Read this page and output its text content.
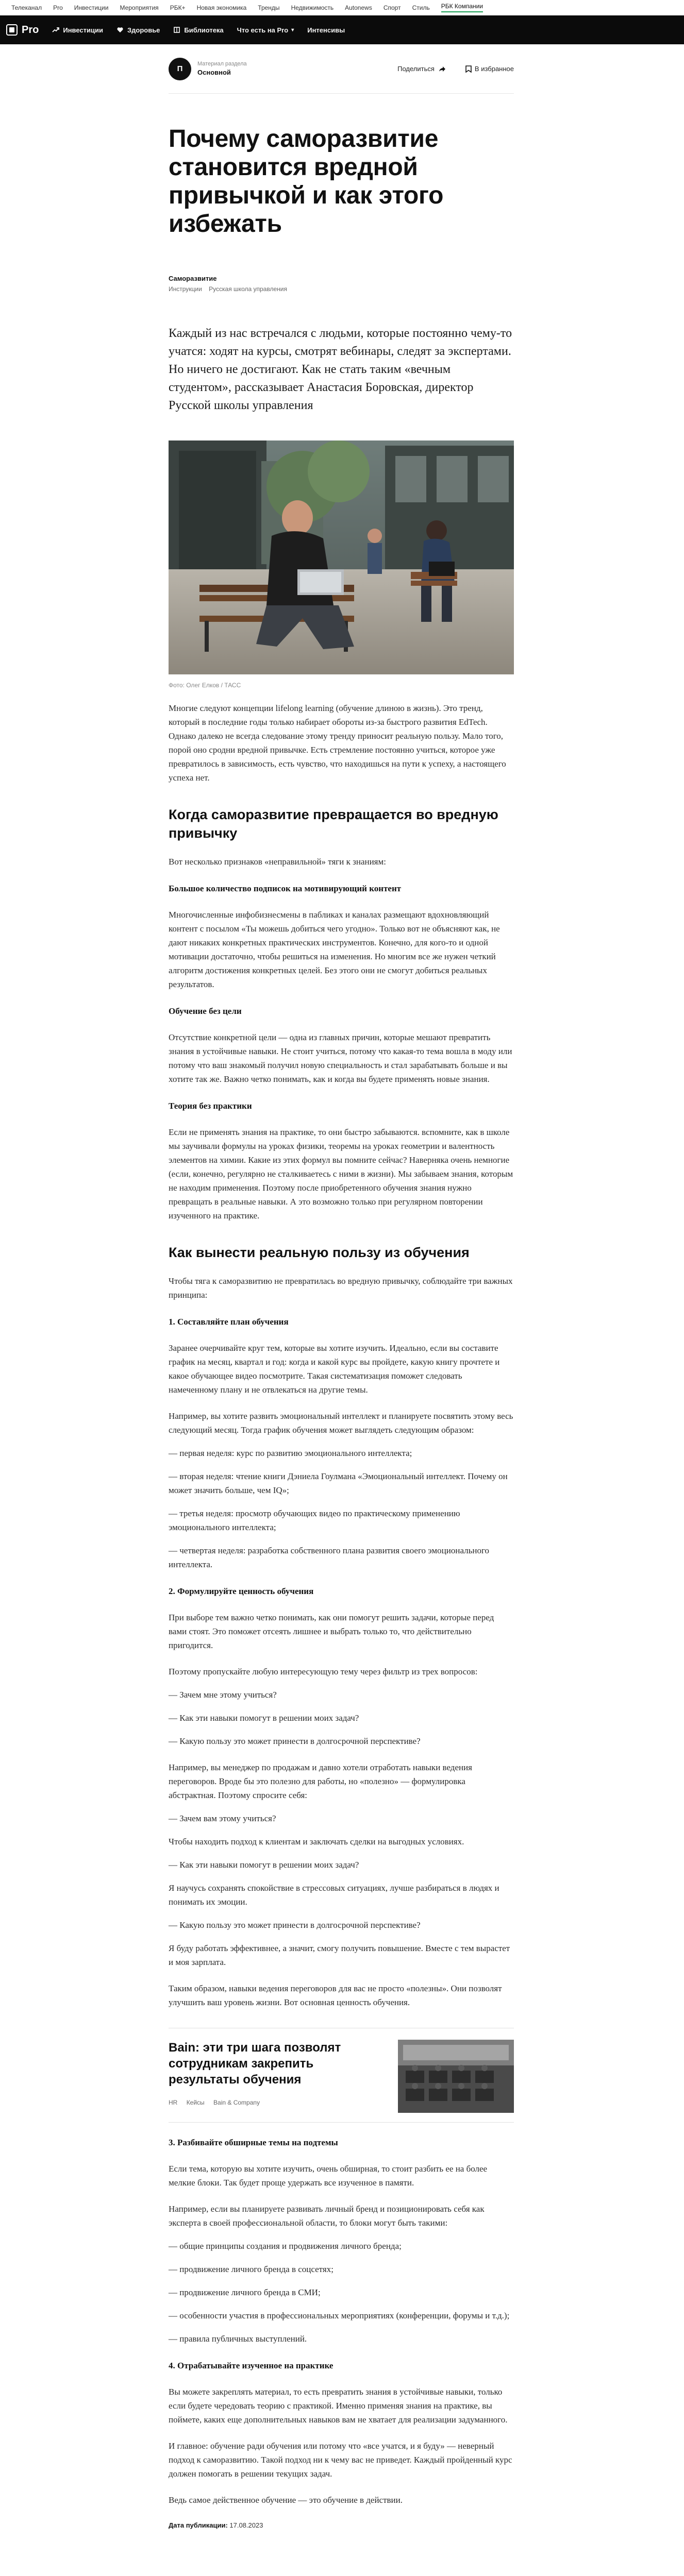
Телеканал Pro Инвестиции Мероприятия РБК+ Новая экономика Тренды Недвижимость Autonews Спорт Стиль РБК Компании
Pro	Инвестиции	Здоровье	Библиотека Что есть на Pro ▾ Интенсивы
П
Материал раздела
Основной	Поделиться	В избранное
Почему саморазвитие становится вредной привычкой и как этого избежать
Саморазвитие
Инструкции Русская школа управления

Каждый из нас встречался с людьми, которые постоянно чему-то учатся: ходят на курсы, смотрят вебинары, следят за экспертами. Но ничего не достигают. Как не стать таким «вечным студентом», рассказывает Анастасия Боровская, директор Русской школы управления

Фото: Олег Елков / ТАСС

Многие следуют концепции lifelong learning (обучение длиною в жизнь). Это тренд, который в последние годы только набирает обороты из-за быстрого развития EdTech. Однако далеко не всегда следование этому тренду приносит реальную пользу. Мало того, порой оно сродни вредной привычке. Есть стремление постоянно учиться, которое уже превратилось в зависимость, есть чувство, что находишься на пути к успеху, а настоящего успеха нет.

Когда саморазвитие превращается во вредную привычку

Вот несколько признаков «неправильной» тяги к знаниям:

Большое количество подписок на мотивирующий контент

Многочисленные инфобизнесмены в пабликах и каналах размещают вдохновляющий контент с посылом «Ты можешь добиться чего угодно». Только вот не объясняют как, не дают никаких конкретных практических инструментов. Конечно, для кого-то и одной мотивации достаточно, чтобы решиться на изменения. Но многим все же нужен четкий алгоритм достижения конкретных целей. Без этого они не смогут добиться реальных результатов.

Обучение без цели

Отсутствие конкретной цели — одна из главных причин, которые мешают превратить знания в устойчивые навыки. Не стоит учиться, потому что какая-то тема вошла в моду или потому что ваш знакомый получил новую специальность и стал зарабатывать больше и вы хотите так же. Важно четко понимать, как и когда вы будете применять новые знания.

Теория без практики

Если не применять знания на практике, то они быстро забываются. вспомните, как в школе мы заучивали формулы на уроках физики, теоремы на уроках геометрии и валентность элементов на химии. Какие из этих формул вы помните сейчас? Наверняка очень немногие (если, конечно, регулярно не сталкиваетесь с ними в жизни). Мы забываем знания, которым не находим применения. Поэтому после приобретенного обучения знания нужно превращать в реальные навыки. А это возможно только при регулярном повторении изученного на практике.

Как вынести реальную пользу из обучения

Чтобы тяга к саморазвитию не превратилась во вредную привычку, соблюдайте три важных принципа:

1. Составляйте план обучения

Заранее очерчивайте круг тем, которые вы хотите изучить. Идеально, если вы составите график на месяц, квартал и год: когда и какой курс вы пройдете, какую книгу прочтете и какое обучающее видео посмотрите. Такая систематизация поможет следовать намеченному плану и не отвлекаться на другие темы.

Например, вы хотите развить эмоциональный интеллект и планируете посвятить этому весь следующий месяц. Тогда график обучения может выглядеть следующим образом:

— первая неделя: курс по развитию эмоционального интеллекта;

— вторая неделя: чтение книги Дэниела Гоулмана «Эмоциональный интеллект. Почему он может значить больше, чем IQ»;

— третья неделя: просмотр обучающих видео по практическому применению эмоционального интеллекта;

— четвертая неделя: разработка собственного плана развития своего эмоционального интеллекта.

2. Формулируйте ценность обучения

При выборе тем важно четко понимать, как они помогут решить задачи, которые перед вами стоят. Это поможет отсеять лишнее и выбрать только то, что действительно пригодится.

Поэтому пропускайте любую интересующую тему через фильтр из трех вопросов:

— Зачем мне этому учиться?

— Как эти навыки помогут в решении моих задач?

— Какую пользу это может принести в долгосрочной перспективе?

Например, вы менеджер по продажам и давно хотели отработать навыки ведения переговоров. Вроде бы это полезно для работы, но «полезно» — формулировка абстрактная. Поэтому спросите себя:

— Зачем вам этому учиться?

Чтобы находить подход к клиентам и заключать сделки на выгодных условиях.

— Как эти навыки помогут в решении моих задач?

Я научусь сохранять спокойствие в стрессовых ситуациях, лучше разбираться в людях и понимать их эмоции.

— Какую пользу это может принести в долгосрочной перспективе?

Я буду работать эффективнее, а значит, смогу получить повышение. Вместе с тем вырастет и моя зарплата.

Таким образом, навыки ведения переговоров для вас не просто «полезны». Они позволят улучшить ваш уровень жизни. Вот основная ценность обучения.

Bain: эти три шага позволят сотрудникам закрепить результаты обучения
HR Кейсы Bain & Company
3. Разбивайте обширные темы на подтемы

Если тема, которую вы хотите изучить, очень обширная, то стоит разбить ее на более мелкие блоки. Так будет проще удержать все изученное в памяти.

Например, если вы планируете развивать личный бренд и позиционировать себя как эксперта в своей профессиональной области, то блоки могут быть такими:

— общие принципы создания и продвижения личного бренда;

— продвижение личного бренда в соцсетях;

— продвижение личного бренда в СМИ;

— особенности участия в профессиональных мероприятиях (конференции, форумы и т.д.);

— правила публичных выступлений.

4. Отрабатывайте изученное на практике

Вы можете закреплять материал, то есть превратить знания в устойчивые навыки, только если будете чередовать теорию с практикой. Именно применяя знания на практике, вы поймете, каких еще дополнительных навыков вам не хватает для реализации задуманного.

И главное: обучение ради обучения или потому что «все учатся, и я буду» — неверный подход к саморазвитию. Такой подход ни к чему вас не приведет. Каждый пройденный курс должен помогать в решении текущих задач.

Ведь самое действенное обучение — это обучение в действии.

Дата публикации: 17.08.2023
